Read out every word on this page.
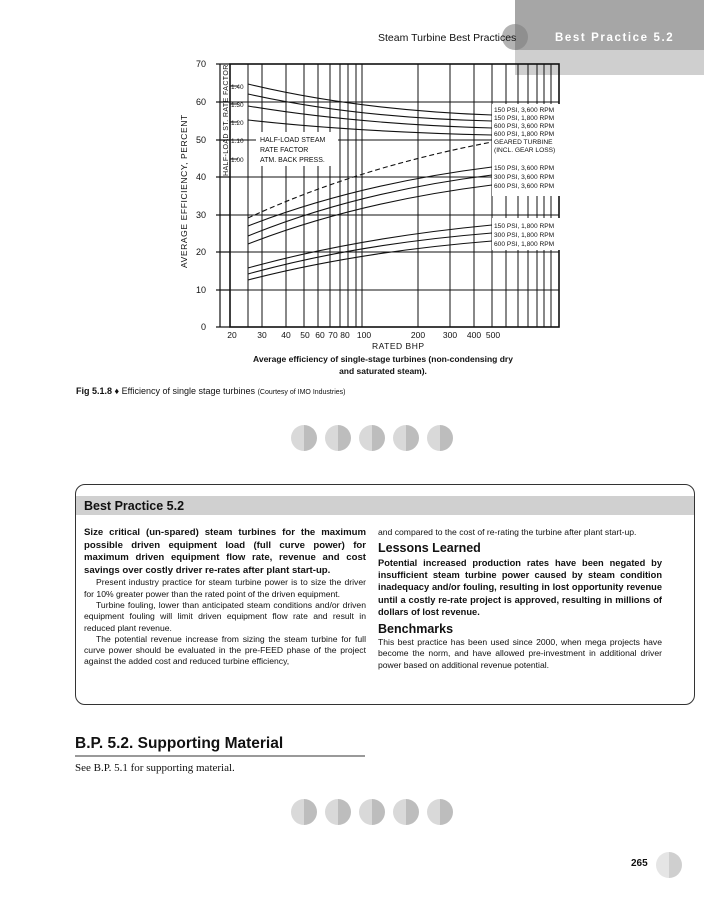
Steam Turbine Best Practices	Best Practice 5.2
70
60
50
40
30
20
10
0
1.40
1.30
1.20
1.10
1.00
AVERAGE EFFICIENCY, PERCENT	HALF-LOAD ST. RATE FACTOR	HALF-LOAD STEAM
RATE FACTOR
ATM. BACK PRESS.
150 PSI, 3,600 RPM
150 PSI, 1,800 RPM
600 PSI, 3,600 RPM
600 PSI, 1,800 RPM
GEARED TURBINE
(INCL. GEAR LOSS)
150 PSI, 3,600 RPM
300 PSI, 3,600 RPM
600 PSI, 3,600 RPM
150 PSI, 1,800 RPM
300 PSI, 1,800 RPM
600 PSI, 1,800 RPM
20 30 40 50 60 70 80 100	200 300 400 500
RATED BHP
Average efficiency of single-stage turbines (non-condensing dry
and saturated steam).
Fig 5.1.8 ♦ Efficiency of single stage turbines (Courtesy of IMO Industries)
Best Practice 5.2

Size critical (un-spared) steam turbines for the maximum possible driven equipment load (full curve power) for maximum driven equipment flow rate, revenue and cost savings over costly driver re-rates after plant start-up.

Present industry practice for steam turbine power is to size the driver for 10% greater power than the rated point of the driven equipment.

Turbine fouling, lower than anticipated steam conditions and/or driven equipment fouling will limit driven equipment flow rate and result in reduced plant revenue.

The potential revenue increase from sizing the steam turbine for full curve power should be evaluated in the pre-FEED phase of the project against the added cost and reduced turbine efficiency,

and compared to the cost of re-rating the turbine after plant start-up.

Lessons Learned

Potential increased production rates have been negated by insufficient steam turbine power caused by steam condition inadequacy and/or fouling, resulting in lost opportunity revenue until a costly re-rate project is approved, resulting in millions of dollars of lost revenue.

Benchmarks

This best practice has been used since 2000, when mega projects have become the norm, and have allowed pre-investment in additional driver power based on additional revenue potential.

B.P. 5.2. Supporting Material
See B.P. 5.1 for supporting material.
265
